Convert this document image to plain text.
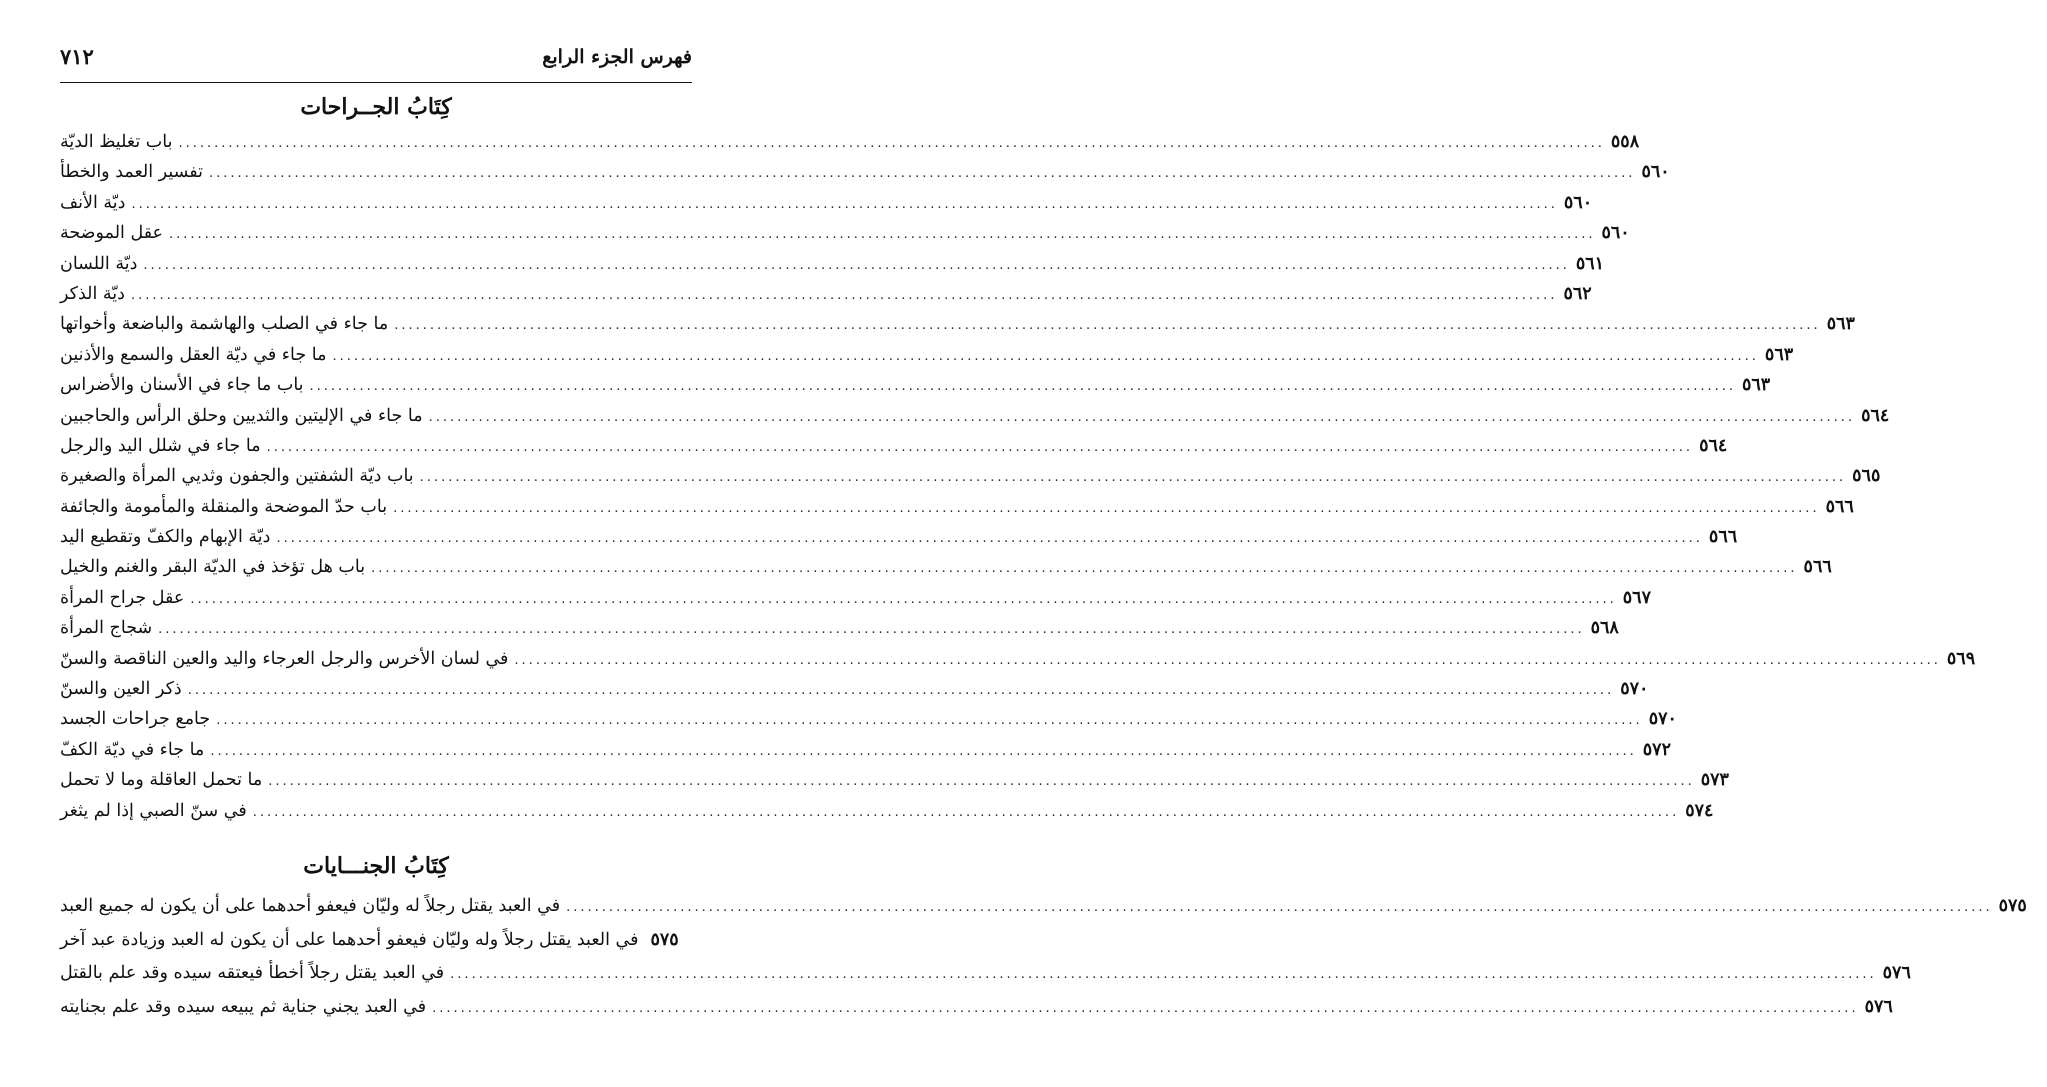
٧١٢	فهرس الجزء الرابع
كِتَابُ الجــراحات
باب تغليظ الديّة ........................................................................................................................................................................................................ ٥٥٨
تفسير العمد والخطأ ........................................................................................................................................................................................................ ٥٦٠
ديّة الأنف ........................................................................................................................................................................................................ ٥٦٠
عقل الموضحة ........................................................................................................................................................................................................ ٥٦٠
ديّة اللسان ........................................................................................................................................................................................................ ٥٦١
ديّة الذكر ........................................................................................................................................................................................................ ٥٦٢
ما جاء في الصلب والهاشمة والباضعة وأخواتها ........................................................................................................................................................................................................ ٥٦٣
ما جاء في ديّة العقل والسمع والأذنين ........................................................................................................................................................................................................ ٥٦٣
باب ما جاء في الأسنان والأضراس ........................................................................................................................................................................................................ ٥٦٣
ما جاء في الإليتين والثديين وحلق الرأس والحاجبين ........................................................................................................................................................................................................ ٥٦٤
ما جاء في شلل اليد والرجل ........................................................................................................................................................................................................ ٥٦٤
باب ديّة الشفتين والجفون وثديي المرأة والصغيرة ........................................................................................................................................................................................................ ٥٦٥
باب حدّ الموضحة والمنقلة والمأمومة والجائفة ........................................................................................................................................................................................................ ٥٦٦
ديّة الإبهام والكفّ وتقطيع اليد ........................................................................................................................................................................................................ ٥٦٦
باب هل تؤخذ في الديّة البقر والغنم والخيل ........................................................................................................................................................................................................ ٥٦٦
عقل جراح المرأة ........................................................................................................................................................................................................ ٥٦٧
شجاج المرأة ........................................................................................................................................................................................................ ٥٦٨
في لسان الأخرس والرجل العرجاء واليد والعين الناقصة والسنّ ........................................................................................................................................................................................................ ٥٦٩
ذكر العين والسنّ ........................................................................................................................................................................................................ ٥٧٠
جامع جراحات الجسد ........................................................................................................................................................................................................ ٥٧٠
ما جاء في ديّة الكفّ ........................................................................................................................................................................................................ ٥٧٢
ما تحمل العاقلة وما لا تحمل ........................................................................................................................................................................................................ ٥٧٣
في سنّ الصبي إذا لم يثغر ........................................................................................................................................................................................................ ٥٧٤
كِتَابُ الجنـــايات
في العبد يقتل رجلاً له وليّان فيعفو أحدهما على أن يكون له جميع العبد ........................................................................................................................................................................................................ ٥٧٥
في العبد يقتل رجلاً وله وليّان فيعفو أحدهما على أن يكون له العبد وزيادة عبد آخر ٥٧٥
في العبد يقتل رجلاً أخطأ فيعتقه سيده وقد علم بالقتل ........................................................................................................................................................................................................ ٥٧٦
في العبد يجني جناية ثم يبيعه سيده وقد علم بجنايته ........................................................................................................................................................................................................ ٥٧٦
